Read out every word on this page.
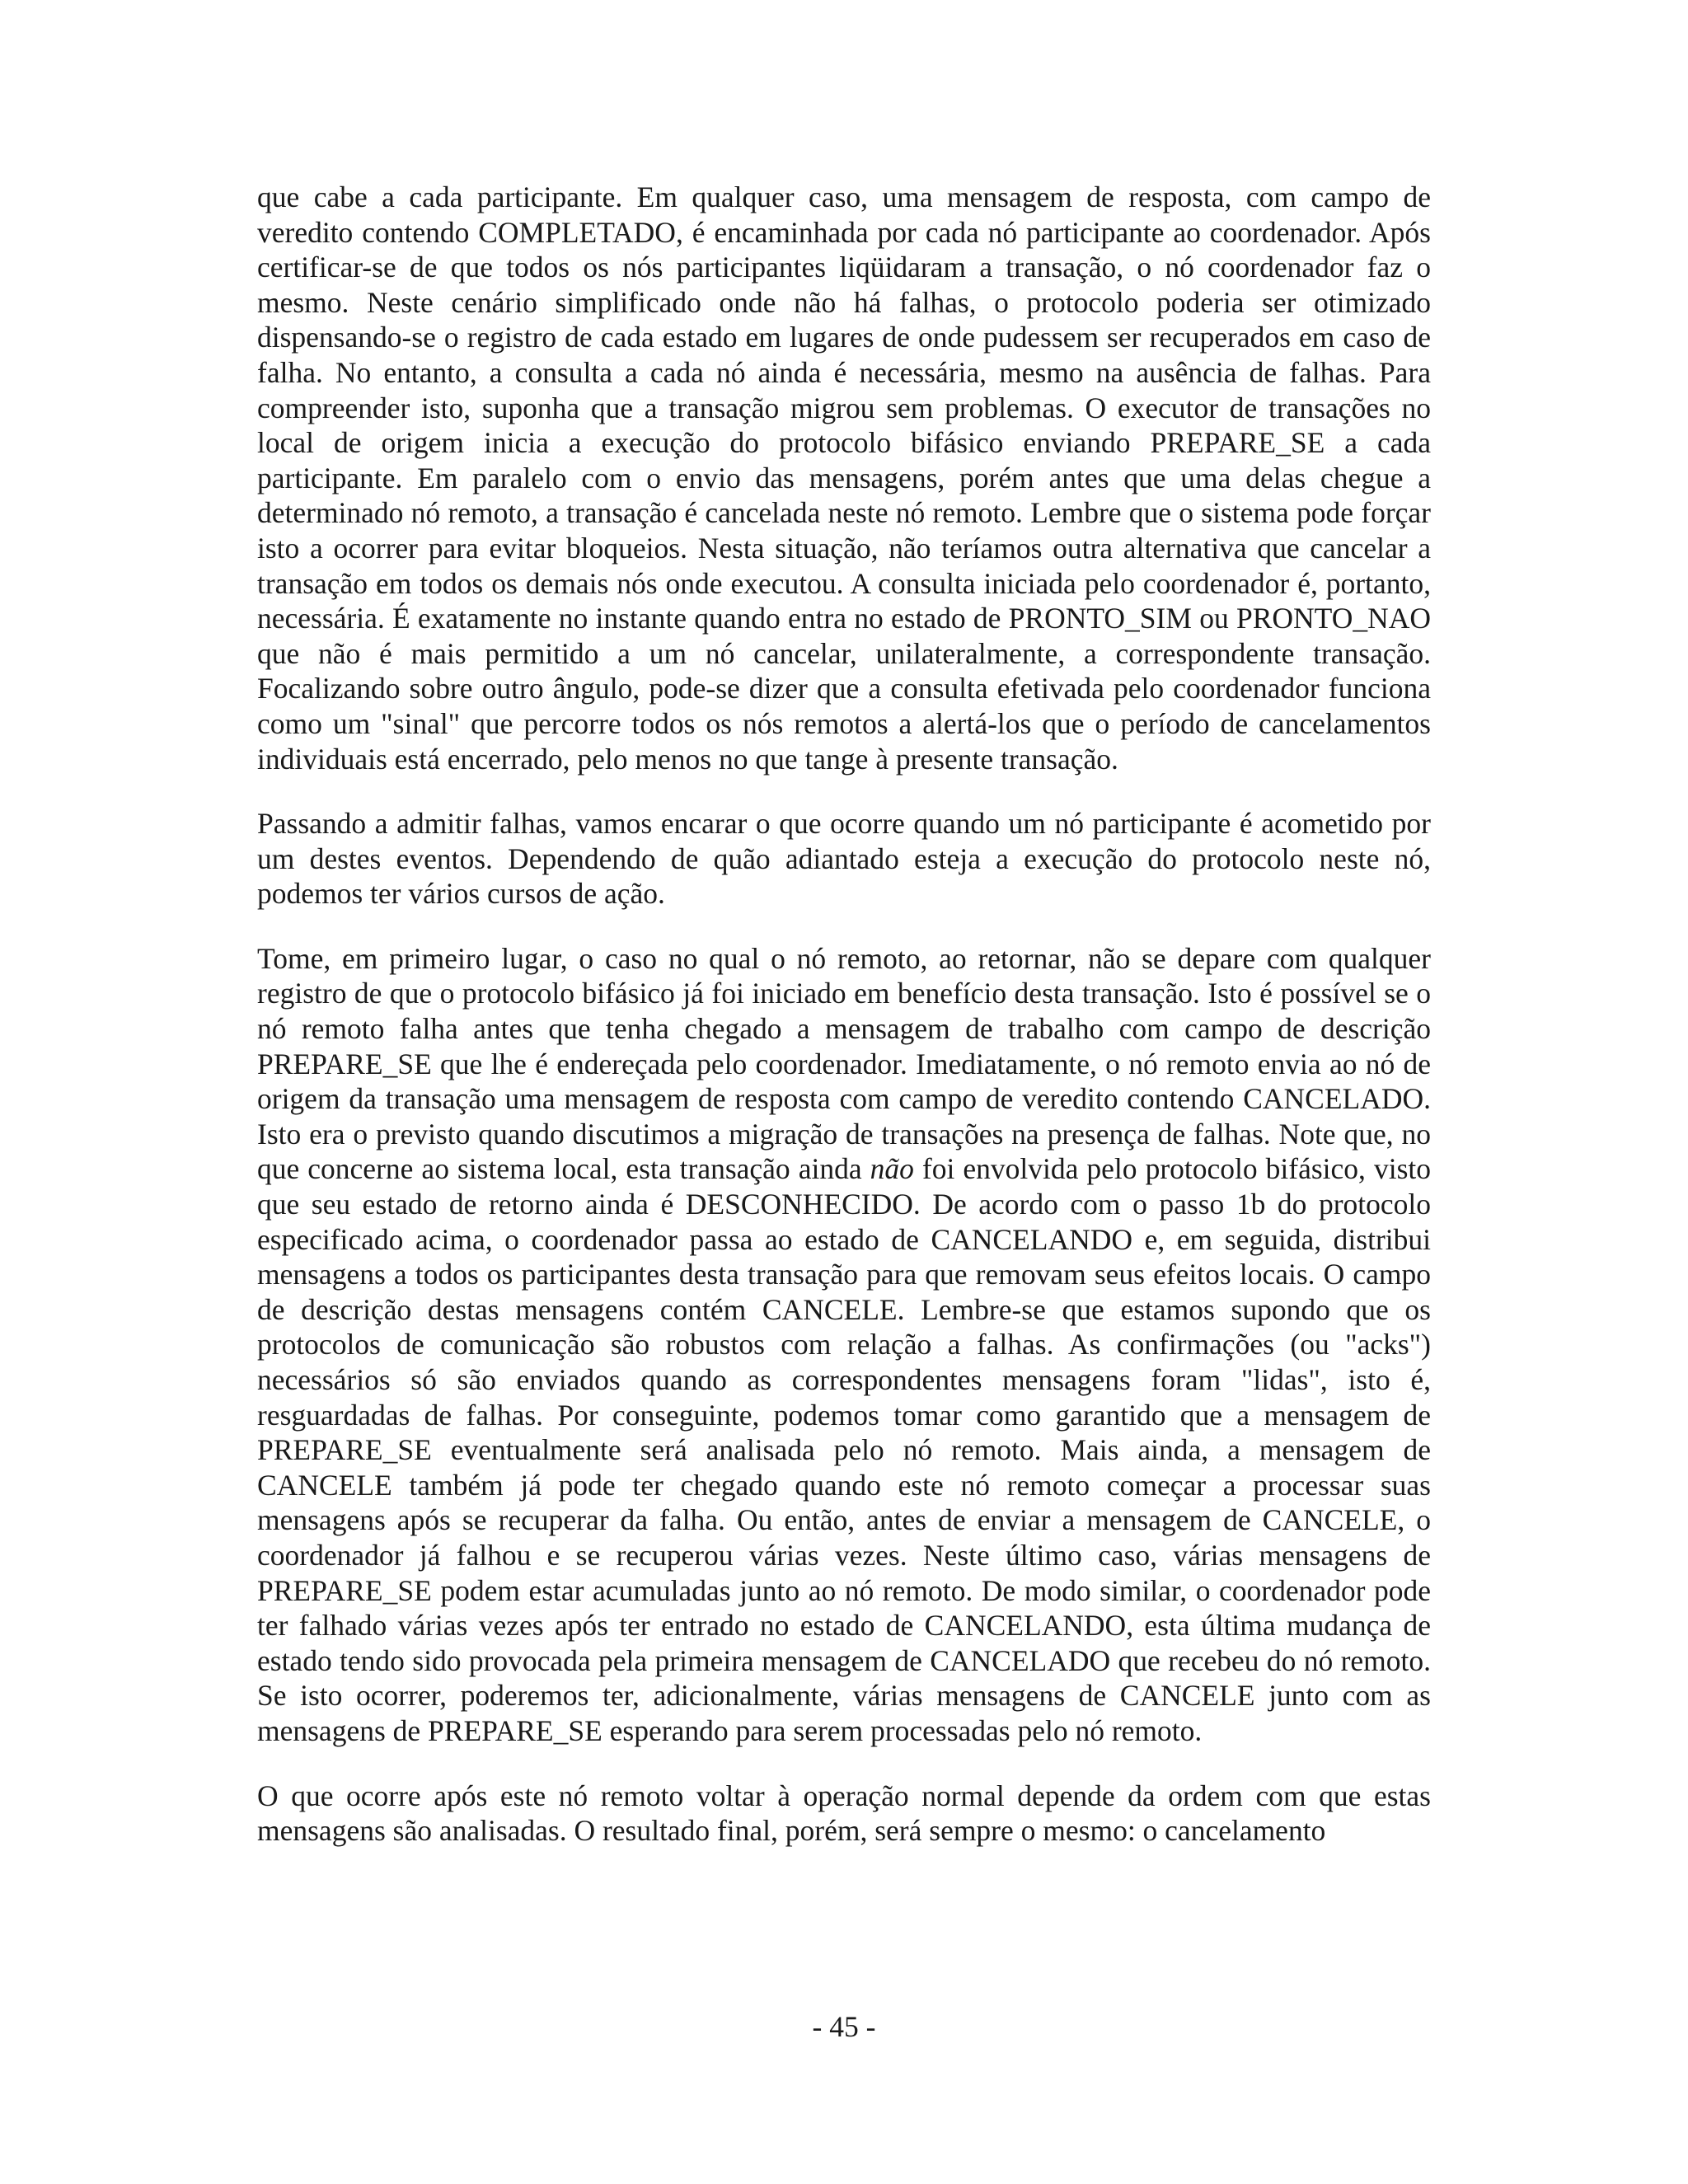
que cabe a cada participante. Em qualquer caso, uma mensagem de resposta, com campo de veredito contendo COMPLETADO, é encaminhada por cada nó participante ao coordenador. Após certificar-se de que todos os nós participantes liqüidaram a transação, o nó coordenador faz o mesmo. Neste cenário simplificado onde não há falhas, o protocolo poderia ser otimizado dispensando-se o registro de cada estado em lugares de onde pudessem ser recuperados em caso de falha. No entanto, a consulta a cada nó ainda é necessária, mesmo na ausência de falhas. Para compreender isto, suponha que a transação migrou sem problemas. O executor de transações no local de origem inicia a execução do protocolo bifásico enviando PREPARE_SE a cada participante. Em paralelo com o envio das mensagens, porém antes que uma delas chegue a determinado nó remoto, a transação é cancelada neste nó remoto. Lembre que o sistema pode forçar isto a ocorrer para evitar bloqueios. Nesta situação, não teríamos outra alternativa que cancelar a transação em todos os demais nós onde executou. A consulta iniciada pelo coordenador é, portanto, necessária. É exatamente no instante quando entra no estado de PRONTO_SIM ou PRONTO_NAO que não é mais permitido a um nó cancelar, unilateralmente, a correspondente transação. Focalizando sobre outro ângulo, pode-se dizer que a consulta efetivada pelo coordenador funciona como um "sinal" que percorre todos os nós remotos a alertá-los que o período de cancelamentos individuais está encerrado, pelo menos no que tange à presente transação.

Passando a admitir falhas, vamos encarar o que ocorre quando um nó participante é acometido por um destes eventos. Dependendo de quão adiantado esteja a execução do protocolo neste nó, podemos ter vários cursos de ação.

Tome, em primeiro lugar, o caso no qual o nó remoto, ao retornar, não se depare com qualquer registro de que o protocolo bifásico já foi iniciado em benefício desta transação. Isto é possível se o nó remoto falha antes que tenha chegado a mensagem de trabalho com campo de descrição PREPARE_SE que lhe é endereçada pelo coordenador. Imediatamente, o nó remoto envia ao nó de origem da transação uma mensagem de resposta com campo de veredito contendo CANCELADO. Isto era o previsto quando discutimos a migração de transações na presença de falhas. Note que, no que concerne ao sistema local, esta transação ainda não foi envolvida pelo protocolo bifásico, visto que seu estado de retorno ainda é DESCONHECIDO. De acordo com o passo 1b do protocolo especificado acima, o coordenador passa ao estado de CANCELANDO e, em seguida, distribui mensagens a todos os participantes desta transação para que removam seus efeitos locais. O campo de descrição destas mensagens contém CANCELE. Lembre-se que estamos supondo que os protocolos de comunicação são robustos com relação a falhas. As confirmações (ou "acks") necessários só são enviados quando as correspondentes mensagens foram "lidas", isto é, resguardadas de falhas. Por conseguinte, podemos tomar como garantido que a mensagem de PREPARE_SE eventualmente será analisada pelo nó remoto. Mais ainda, a mensagem de CANCELE também já pode ter chegado quando este nó remoto começar a processar suas mensagens após se recuperar da falha. Ou então, antes de enviar a mensagem de CANCELE, o coordenador já falhou e se recuperou várias vezes. Neste último caso, várias mensagens de PREPARE_SE podem estar acumuladas junto ao nó remoto. De modo similar, o coordenador pode ter falhado várias vezes após ter entrado no estado de CANCELANDO, esta última mudança de estado tendo sido provocada pela primeira mensagem de CANCELADO que recebeu do nó remoto. Se isto ocorrer, poderemos ter, adicionalmente, várias mensagens de CANCELE junto com as mensagens de PREPARE_SE esperando para serem processadas pelo nó remoto.

O que ocorre após este nó remoto voltar à operação normal depende da ordem com que estas mensagens são analisadas. O resultado final, porém, será sempre o mesmo: o cancelamento

- 45 -
